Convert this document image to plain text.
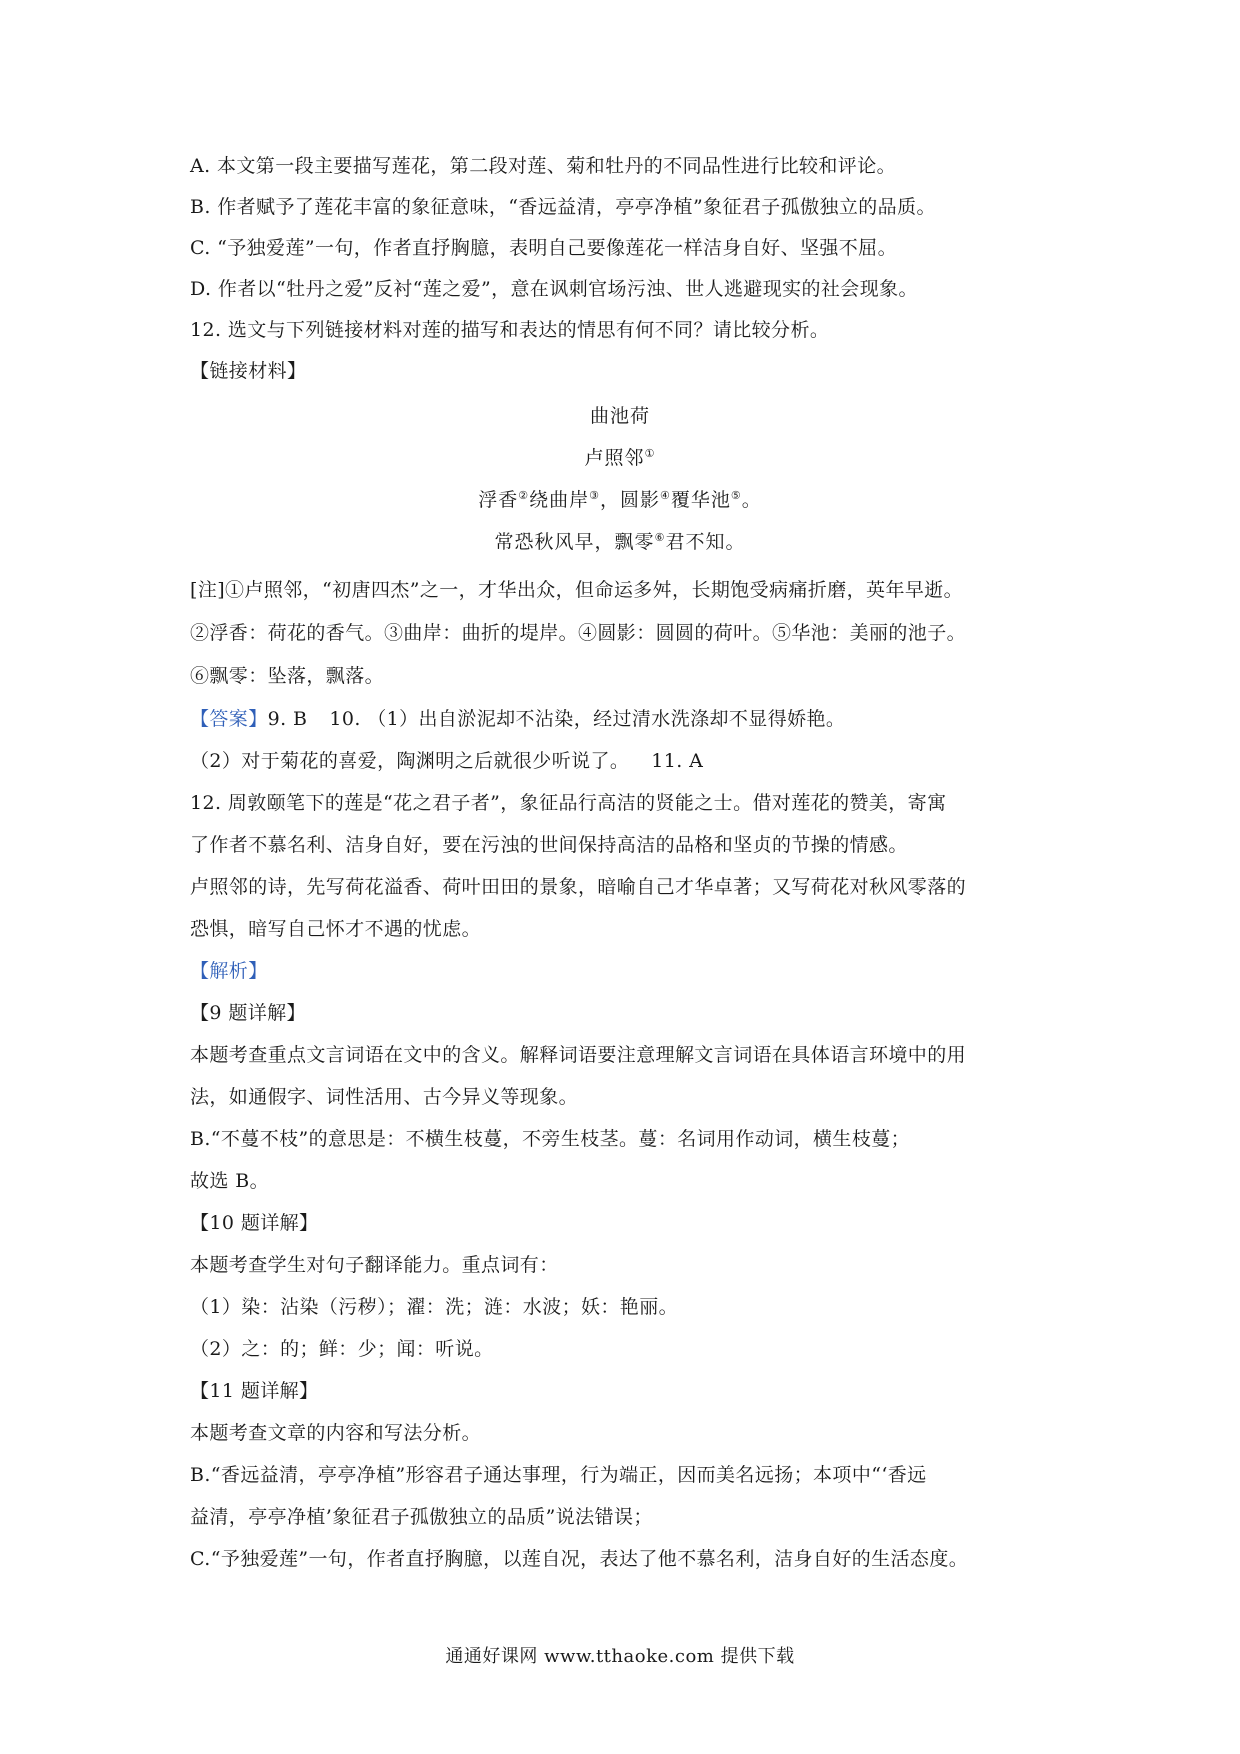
A. 本文第一段主要描写莲花，第二段对莲、菊和牡丹的不同品性进行比较和评论。
B. 作者赋予了莲花丰富的象征意味，“香远益清，亭亭净植”象征君子孤傲独立的品质。
C. “予独爱莲”一句，作者直抒胸臆，表明自己要像莲花一样洁身自好、坚强不屈。
D. 作者以“牡丹之爱”反衬“莲之爱”，意在讽刺官场污浊、世人逃避现实的社会现象。
12. 选文与下列链接材料对莲的描写和表达的情思有何不同？请比较分析。
【链接材料】
曲池荷
卢照邻①
浮香②绕曲岸③，圆影④覆华池⑤。
常恐秋风早，飘零⑥君不知。
[注]①卢照邻，“初唐四杰”之一，才华出众，但命运多舛，长期饱受病痛折磨，英年早逝。
②浮香：荷花的香气。③曲岸：曲折的堤岸。④圆影：圆圆的荷叶。⑤华池：美丽的池子。
⑥飘零：坠落，飘落。
【答案】9. B 10. （1）出自淤泥却不沾染，经过清水洗涤却不显得娇艳。
（2）对于菊花的喜爱，陶渊明之后就很少听说了。 11. A
12. 周敦颐笔下的莲是“花之君子者”，象征品行高洁的贤能之士。借对莲花的赞美，寄寓
了作者不慕名利、洁身自好，要在污浊的世间保持高洁的品格和坚贞的节操的情感。
卢照邻的诗，先写荷花溢香、荷叶田田的景象，暗喻自己才华卓著；又写荷花对秋风零落的
恐惧，暗写自己怀才不遇的忧虑。
【解析】
【9 题详解】
本题考查重点文言词语在文中的含义。解释词语要注意理解文言词语在具体语言环境中的用
法，如通假字、词性活用、古今异义等现象。
B.“不蔓不枝”的意思是：不横生枝蔓，不旁生枝茎。蔓：名词用作动词，横生枝蔓；
故选 B。
【10 题详解】
本题考查学生对句子翻译能力。重点词有：
（1）染：沾染（污秽）；濯：洗；涟：水波；妖：艳丽。
（2）之：的；鲜：少；闻：听说。
【11 题详解】
本题考查文章的内容和写法分析。
B.“香远益清，亭亭净植”形容君子通达事理，行为端正，因而美名远扬；本项中“‘香远
益清，亭亭净植’象征君子孤傲独立的品质”说法错误；
C.“予独爱莲”一句，作者直抒胸臆，以莲自况，表达了他不慕名利，洁身自好的生活态度。
通通好课网 www.tthaoke.com 提供下载
